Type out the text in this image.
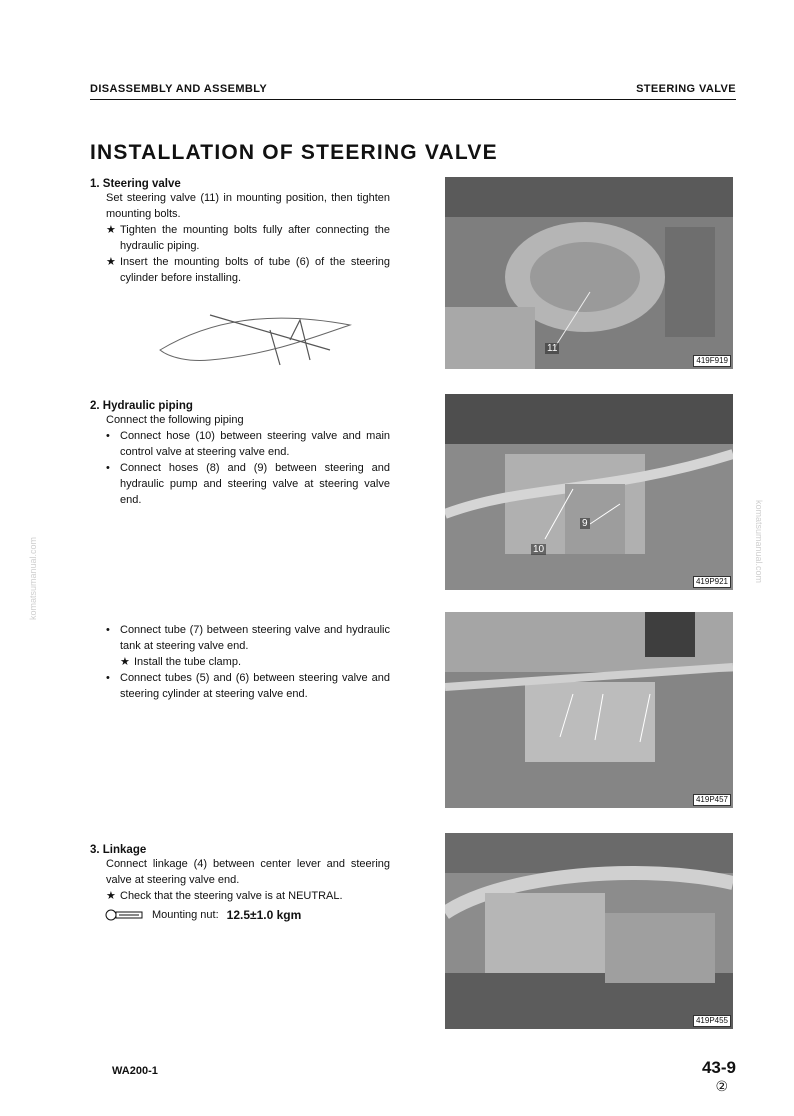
DISASSEMBLY AND ASSEMBLY	STEERING VALVE
INSTALLATION OF STEERING VALVE
1. Steering valve

Set steering valve (11) in mounting position, then tighten mounting bolts.

★ Tighten the mounting bolts fully after connecting the hydraulic piping.
★ Insert the mounting bolts of tube (6) of the steering cylinder before installing.
2. Hydraulic piping

Connect the following piping

• Connect hose (10) between steering valve and main control valve at steering valve end.
• Connect hoses (8) and (9) between steering and hydraulic pump and steering valve at steering valve end.
• Connect tube (7) between steering valve and hydraulic tank at steering valve end.
★ Install the tube clamp.
• Connect tubes (5) and (6) between steering valve and steering cylinder at steering valve end.
3. Linkage

Connect linkage (4) between center lever and steering valve at steering valve end.

★ Check that the steering valve is at NEUTRAL.
Mounting nut: 12.5±1.0 kgm
11
419F919
9
10
419P921
419P457
419P455
komatsumanual.com	komatsumanual.com
WA200-1	43-9
②
